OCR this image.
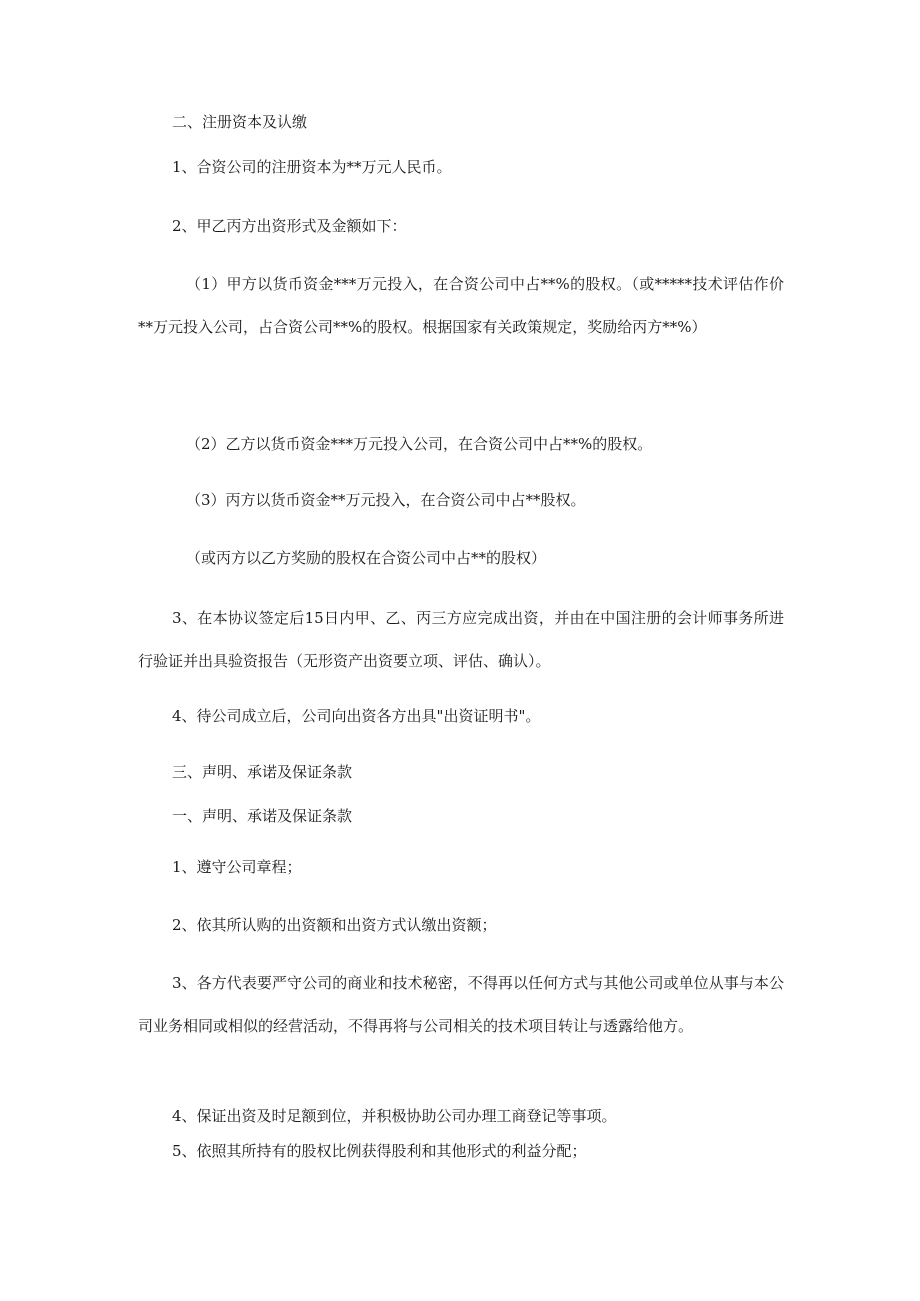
二、注册资本及认缴
1、合资公司的注册资本为**万元人民币。
2、甲乙丙方出资形式及金额如下：
（1）甲方以货币资金***万元投入，在合资公司中占**%的股权。（或*****技术评估作价**万元投入公司，占合资公司**%的股权。根据国家有关政策规定，奖励给丙方**%）
（2）乙方以货币资金***万元投入公司，在合资公司中占**%的股权。
（3）丙方以货币资金**万元投入，在合资公司中占**股权。
（或丙方以乙方奖励的股权在合资公司中占**的股权）
3、在本协议签定后15日内甲、乙、丙三方应完成出资，并由在中国注册的会计师事务所进行验证并出具验资报告（无形资产出资要立项、评估、确认）。
4、待公司成立后，公司向出资各方出具"出资证明书"。
三、声明、承诺及保证条款
一、声明、承诺及保证条款
1、遵守公司章程；
2、依其所认购的出资额和出资方式认缴出资额；
3、各方代表要严守公司的商业和技术秘密，不得再以任何方式与其他公司或单位从事与本公司业务相同或相似的经营活动，不得再将与公司相关的技术项目转让与透露给他方。
4、保证出资及时足额到位，并积极协助公司办理工商登记等事项。
5、依照其所持有的股权比例获得股利和其他形式的利益分配；
